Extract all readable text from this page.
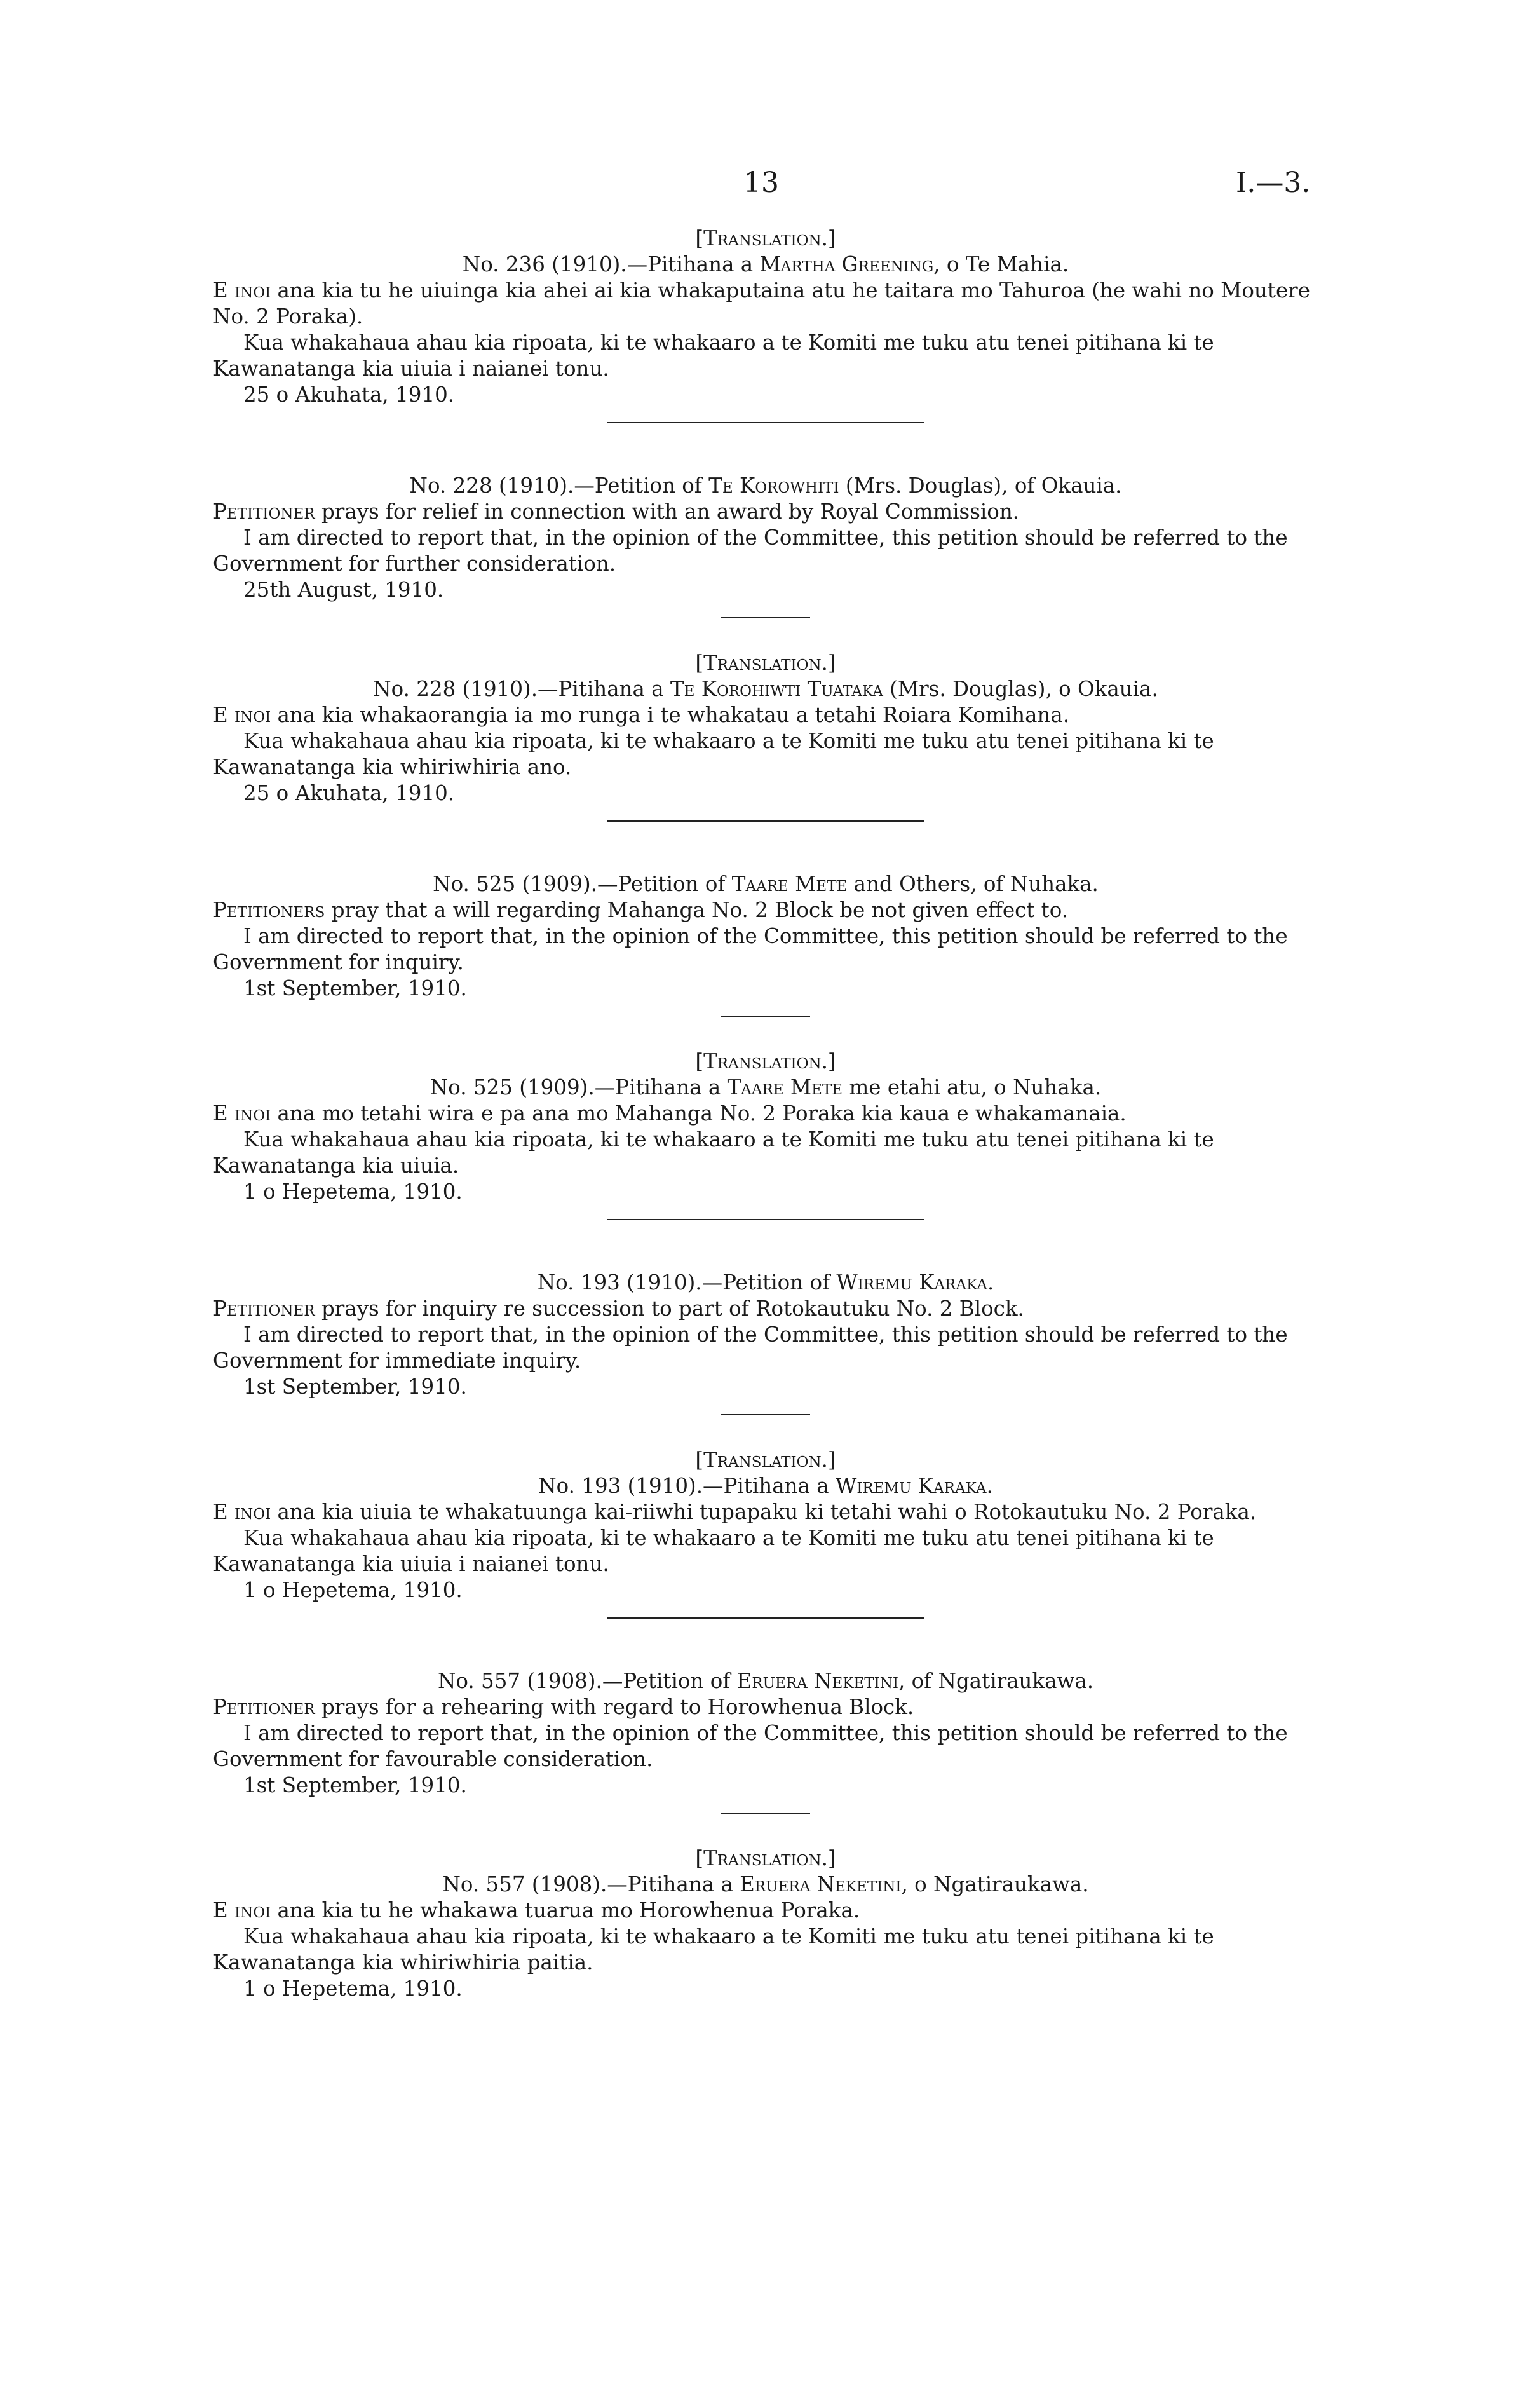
13	I.—3.

[Translation.]

No. 236 (1910).—Pitihana a Martha Greening, o Te Mahia.

E inoi ana kia tu he uiuinga kia ahei ai kia whakaputaina atu he taitara mo Tahuroa (he wahi no Moutere No. 2 Poraka).

Kua whakahaua ahau kia ripoata, ki te whakaaro a te Komiti me tuku atu tenei pitihana ki te Kawanatanga kia uiuia i naianei tonu.

25 o Akuhata, 1910.

No. 228 (1910).—Petition of Te Korowhiti (Mrs. Douglas), of Okauia.

Petitioner prays for relief in connection with an award by Royal Commission.

I am directed to report that, in the opinion of the Committee, this petition should be referred to the Government for further consideration.

25th August, 1910.

[Translation.]

No. 228 (1910).—Pitihana a Te Korohiwti Tuataka (Mrs. Douglas), o Okauia.

E inoi ana kia whakaorangia ia mo runga i te whakatau a tetahi Roiara Komihana.

Kua whakahaua ahau kia ripoata, ki te whakaaro a te Komiti me tuku atu tenei pitihana ki te Kawanatanga kia whiriwhiria ano.

25 o Akuhata, 1910.

No. 525 (1909).—Petition of Taare Mete and Others, of Nuhaka.

Petitioners pray that a will regarding Mahanga No. 2 Block be not given effect to.

I am directed to report that, in the opinion of the Committee, this petition should be referred to the Government for inquiry.

1st September, 1910.

[Translation.]

No. 525 (1909).—Pitihana a Taare Mete me etahi atu, o Nuhaka.

E inoi ana mo tetahi wira e pa ana mo Mahanga No. 2 Poraka kia kaua e whakamanaia.

Kua whakahaua ahau kia ripoata, ki te whakaaro a te Komiti me tuku atu tenei pitihana ki te Kawanatanga kia uiuia.

1 o Hepetema, 1910.

No. 193 (1910).—Petition of Wiremu Karaka.

Petitioner prays for inquiry re succession to part of Rotokautuku No. 2 Block.

I am directed to report that, in the opinion of the Committee, this petition should be referred to the Government for immediate inquiry.

1st September, 1910.

[Translation.]

No. 193 (1910).—Pitihana a Wiremu Karaka.

E inoi ana kia uiuia te whakatuunga kai-riiwhi tupapaku ki tetahi wahi o Rotokautuku No. 2 Poraka.

Kua whakahaua ahau kia ripoata, ki te whakaaro a te Komiti me tuku atu tenei pitihana ki te Kawanatanga kia uiuia i naianei tonu.

1 o Hepetema, 1910.

No. 557 (1908).—Petition of Eruera Neketini, of Ngatiraukawa.

Petitioner prays for a rehearing with regard to Horowhenua Block.

I am directed to report that, in the opinion of the Committee, this petition should be referred to the Government for favourable consideration.

1st September, 1910.

[Translation.]

No. 557 (1908).—Pitihana a Eruera Neketini, o Ngatiraukawa.

E inoi ana kia tu he whakawa tuarua mo Horowhenua Poraka.

Kua whakahaua ahau kia ripoata, ki te whakaaro a te Komiti me tuku atu tenei pitihana ki te Kawanatanga kia whiriwhiria paitia.

1 o Hepetema, 1910.
